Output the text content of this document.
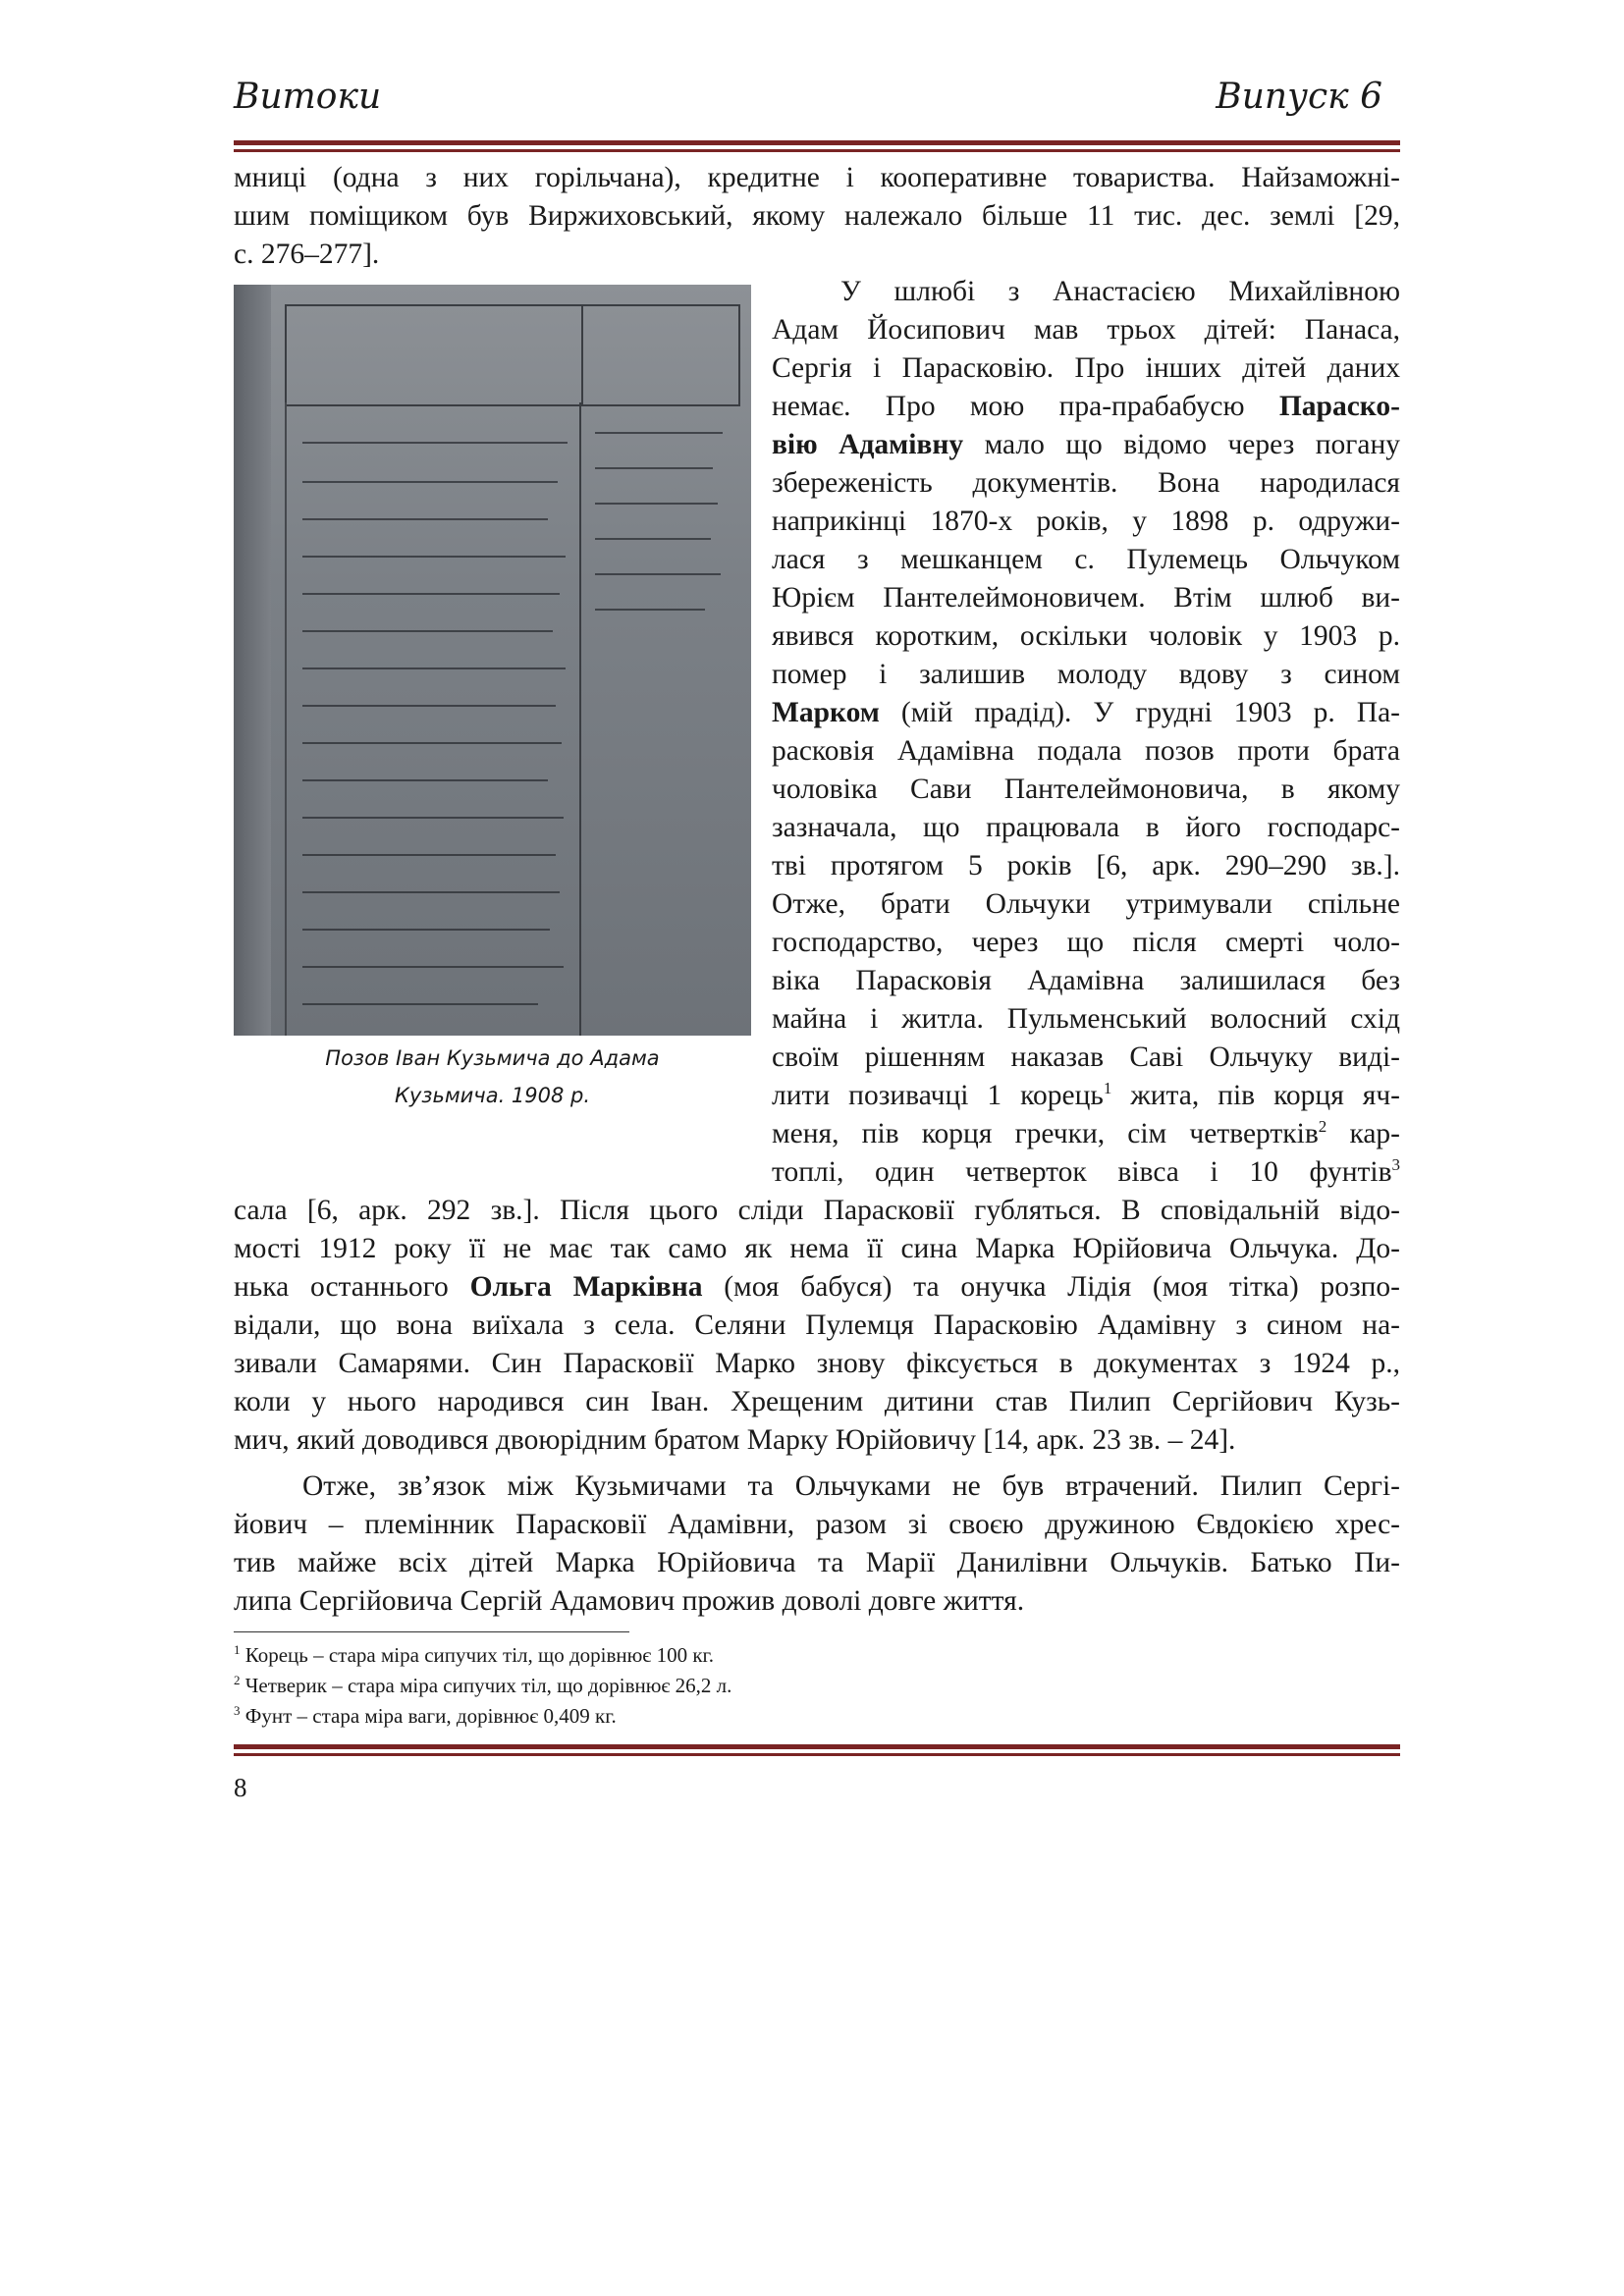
Витоки	Випуск 6

мниці (одна з них горільчана), кредитне і кооперативне товариства. Найзаможні-

шим поміщиком був Виржиховський, якому належало більше 11 тис. дес. землі [29,

с. 276–277].

Позов Іван Кузьмича до Адама
Кузьмича. 1908 р.

У шлюбі з Анастасією Михайлівною

Адам Йосипович мав трьох дітей: Панаса,

Сергія і Парасковію. Про інших дітей даних

немає. Про мою пра-прабабусю Параско-

вію Адамівну мало що відомо через погану

збереженість документів. Вона народилася

наприкінці 1870-х років, у 1898 р. одружи-

лася з мешканцем с. Пулемець Ольчуком

Юрієм Пантелеймоновичем. Втім шлюб ви-

явився коротким, оскільки чоловік у 1903 р.

помер і залишив молоду вдову з сином

Марком (мій прадід). У грудні 1903 р. Па-

расковія Адамівна подала позов проти брата

чоловіка Сави Пантелеймоновича, в якому

зазначала, що працювала в його господарс-

тві протягом 5 років [6, арк. 290–290 зв.].

Отже, брати Ольчуки утримували спільне

господарство, через що після смерті чоло-

віка Парасковія Адамівна залишилася без

майна і житла. Пульменський волосний схід

своїм рішенням наказав Саві Ольчуку виді-

лити позивачці 1 корець$^1$ жита, пів корця яч-

меня, пів корця гречки, сім четвертків$^2$ кар-

топлі, один четверток вівса і 10 фунтів$^3$

сала [6, арк. 292 зв.]. Після цього сліди Парасковії губляться. В сповідальній відо-

мості 1912 року її не має так само як нема її сина Марка Юрійовича Ольчука. До-

нька останнього Ольга Марківна (моя бабуся) та онучка Лідія (моя тітка) розпо-

відали, що вона виїхала з села. Селяни Пулемця Парасковію Адамівну з сином на-

зивали Самарями. Син Парасковії Марко знову фіксується в документах з 1924 р.,

коли у нього народився син Іван. Хрещеним дитини став Пилип Сергійович Кузь-

мич, який доводився двоюрідним братом Марку Юрійовичу [14, арк. 23 зв. – 24].

Отже, зв’язок між Кузьмичами та Ольчуками не був втрачений. Пилип Сергі-

йович – племінник Парасковії Адамівни, разом зі своєю дружиною Євдокією хрес-

тив майже всіх дітей Марка Юрійовича та Марії Данилівни Ольчуків. Батько Пи-

липа Сергійовича Сергій Адамович прожив доволі довге життя.

$^1$ Корець – стара міра сипучих тіл, що дорівнює 100 кг.
$^2$ Четверик – стара міра сипучих тіл, що дорівнює 26,2 л.
$^3$ Фунт – стара міра ваги, дорівнює 0,409 кг.
8
